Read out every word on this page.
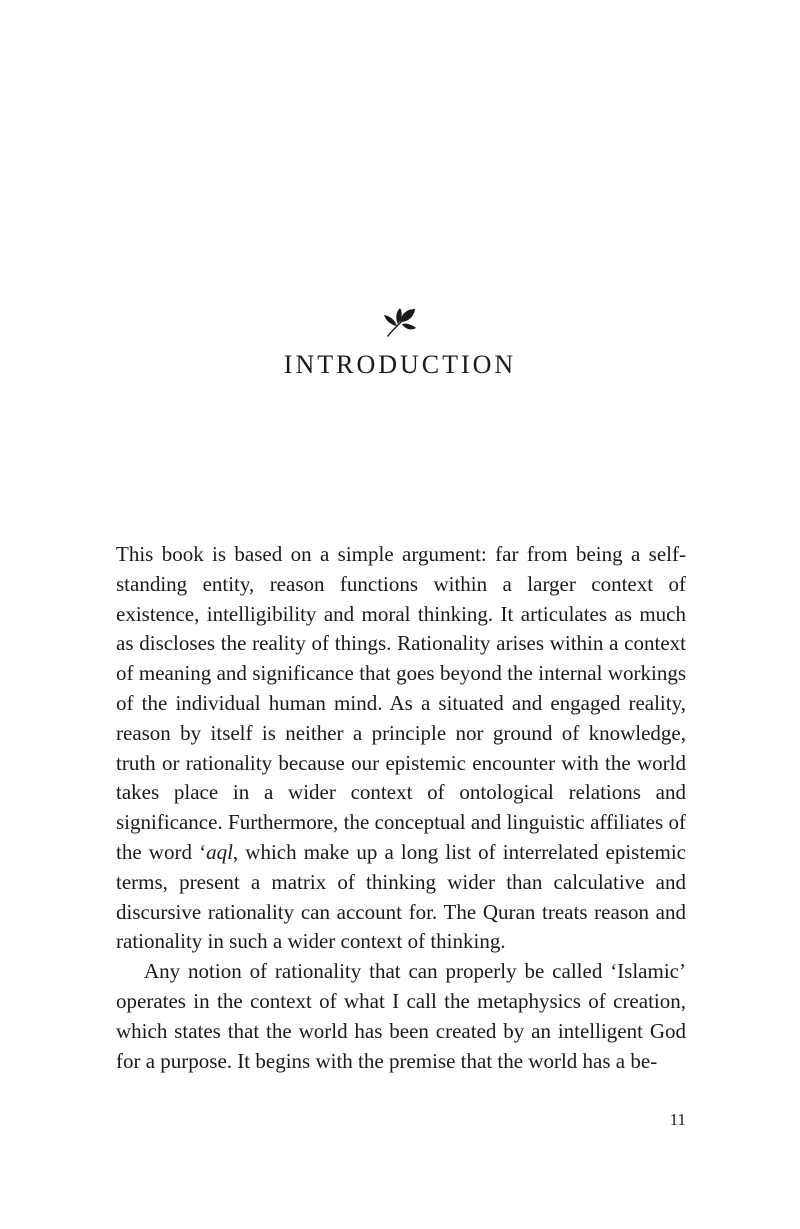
INTRODUCTION

This book is based on a simple argument: far from being a self-standing entity, reason functions within a larger context of existence, intelligibility and moral thinking. It articulates as much as discloses the reality of things. Rationality arises within a context of meaning and significance that goes beyond the internal workings of the individual human mind. As a situated and engaged reality, reason by itself is neither a principle nor ground of knowledge, truth or rationality because our epistemic encounter with the world takes place in a wider context of ontological relations and significance. Furthermore, the conceptual and linguistic affiliates of the word ‘aql, which make up a long list of interrelated epistemic terms, present a matrix of thinking wider than calculative and discursive rationality can account for. The Quran treats reason and rationality in such a wider context of thinking.

Any notion of rationality that can properly be called ‘Islamic’ operates in the context of what I call the metaphysics of creation, which states that the world has been created by an intelligent God for a purpose. It begins with the premise that the world has a be-

11
